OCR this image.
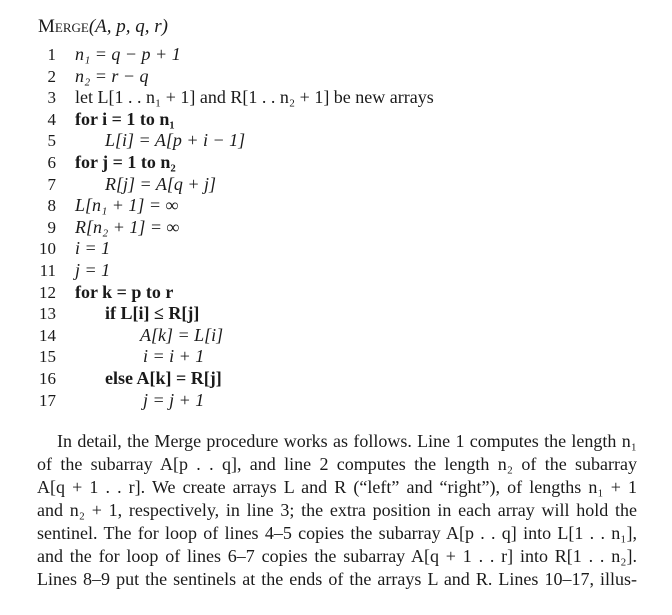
Merge(A, p, q, r)
1 n₁ = q − p + 1
2 n₂ = r − q
3 let L[1 . . n₁ + 1] and R[1 . . n₂ + 1] be new arrays
4 for i = 1 to n₁
5	L[i] = A[p + i − 1]
6 for j = 1 to n₂
7	R[j] = A[q + j]
8 L[n₁ + 1] = ∞
9 R[n₂ + 1] = ∞
10 i = 1
11 j = 1
12 for k = p to r
13	if L[i] ≤ R[j]
14	A[k] = L[i]
15	i = i + 1
16	else A[k] = R[j]
17	j = j + 1
In detail, the Merge procedure works as follows. Line 1 computes the length n₁
of the subarray A[p . . q], and line 2 computes the length n₂ of the subarray
A[q + 1 . . r]. We create arrays L and R (“left” and “right”), of lengths n₁ + 1
and n₂ + 1, respectively, in line 3; the extra position in each array will hold the
sentinel. The for loop of lines 4–5 copies the subarray A[p . . q] into L[1 . . n₁],
and the for loop of lines 6–7 copies the subarray A[q + 1 . . r] into R[1 . . n₂].
Lines 8–9 put the sentinels at the ends of the arrays L and R. Lines 10–17, illus-
